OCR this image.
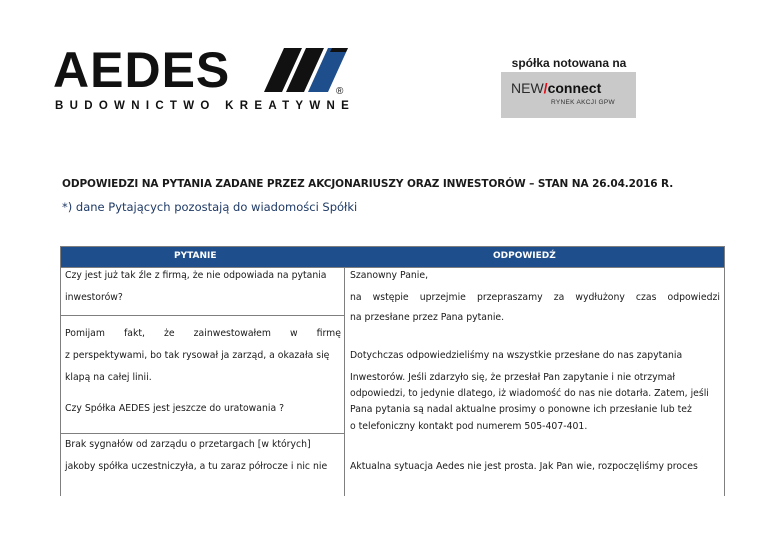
AEDES	®
BUDOWNICTWO KREATYWNE
spółka notowana na
NEW/connect
RYNEK AKCJI GPW
ODPOWIEDZI NA PYTANIA ZADANE PRZEZ AKCJONARIUSZY ORAZ INWESTORÓW – STAN NA 26.04.2016 R.
*) dane Pytających pozostają do wiadomości Spółki
PYTANIE	ODPOWIEDŹ
Czy jest już tak źle z firmą, że nie odpowiada na pytania
inwestorów?
Pomijam fakt, że zainwestowałem w firmę
z perspektywami, bo tak rysował ja zarząd, a okazała się
klapą na całej linii.
Czy Spółka AEDES jest jeszcze do uratowania ?
Brak sygnałów od zarządu o przetargach [w których]
jakoby spółka uczestniczyła, a tu zaraz półrocze i nic nie
Szanowny Panie,
na wstępie uprzejmie przepraszamy za wydłużony czas odpowiedzi
na przesłane przez Pana pytanie.
Dotychczas odpowiedzieliśmy na wszystkie przesłane do nas zapytania
Inwestorów. Jeśli zdarzyło się, że przesłał Pan zapytanie i nie otrzymał
odpowiedzi, to jedynie dlatego, iż wiadomość do nas nie dotarła. Zatem, jeśli
Pana pytania są nadal aktualne prosimy o ponowne ich przesłanie lub też
o telefoniczny kontakt pod numerem 505-407-401.
Aktualna sytuacja Aedes nie jest prosta. Jak Pan wie, rozpoczęliśmy proces
